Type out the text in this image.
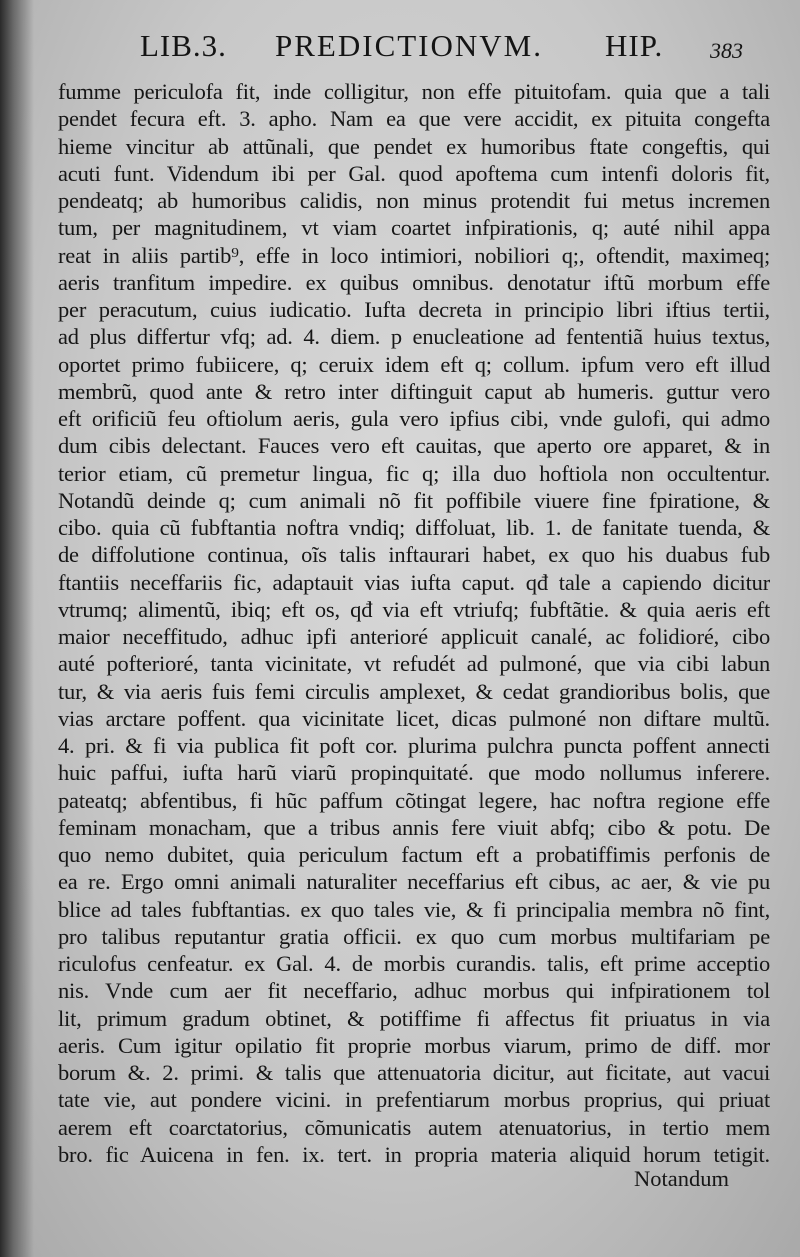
LIB.3. PREDICTIONVM. HIP. 383
fumme periculofa fit, inde colligitur, non effe pituitofam. quia que a tali
pendet fecura eft. 3. apho. Nam ea que vere accidit, ex pituita congefta
hieme vincitur ab attũnali, que pendet ex humoribus ftate congeftis, qui
acuti funt. Videndum ibi per Gal. quod apoftema cum intenfi doloris fit,
pendeatq; ab humoribus calidis, non minus protendit fui metus incremen
tum, per magnitudinem, vt viam coartet infpirationis, q; auté nihil appa
reat in aliis partib⁹, effe in loco intimiori, nobiliori q;, oftendit, maximeq;
aeris tranfitum impedire. ex quibus omnibus. denotatur iftũ morbum effe
per peracutum, cuius iudicatio. Iufta decreta in principio libri iftius tertii,
ad plus differtur vfq; ad. 4. diem. p enucleatione ad fententiã huius textus,
oportet primo fubiicere, q; ceruix idem eft q; collum. ipfum vero eft illud
membrũ, quod ante & retro inter diftinguit caput ab humeris. guttur vero
eft orificiũ feu oftiolum aeris, gula vero ipfius cibi, vnde gulofi, qui admo
dum cibis delectant. Fauces vero eft cauitas, que aperto ore apparet, & in
terior etiam, cũ premetur lingua, fic q; illa duo hoftiola non occultentur.
Notandũ deinde q; cum animali nõ fit poffibile viuere fine fpiratione, &
cibo. quia cũ fubftantia noftra vndiq; diffoluat, lib. 1. de fanitate tuenda, &
de diffolutione continua, oĩs talis inftaurari habet, ex quo his duabus fub
ftantiis neceffariis fic, adaptauit vias iufta caput. qđ tale a capiendo dicitur
vtrumq; alimentũ, ibiq; eft os, qđ via eft vtriufq; fubftãtie. & quia aeris eft
maior neceffitudo, adhuc ipfi anterioré applicuit canalé, ac folidioré, cibo
auté pofterioré, tanta vicinitate, vt refudét ad pulmoné, que via cibi labun
tur, & via aeris fuis femi circulis amplexet, & cedat grandioribus bolis, que
vias arctare poffent. qua vicinitate licet, dicas pulmoné non diftare multũ.
4. pri. & fi via publica fit poft cor. plurima pulchra puncta poffent annecti
huic paffui, iufta harũ viarũ propinquitaté. que modo nollumus inferere.
pateatq; abfentibus, fi hũc paffum cõtingat legere, hac noftra regione effe
feminam monacham, que a tribus annis fere viuit abfq; cibo & potu. De
quo nemo dubitet, quia periculum factum eft a probatiffimis perfonis de
ea re. Ergo omni animali naturaliter neceffarius eft cibus, ac aer, & vie pu
blice ad tales fubftantias. ex quo tales vie, & fi principalia membra nõ fint,
pro talibus reputantur gratia officii. ex quo cum morbus multifariam pe
riculofus cenfeatur. ex Gal. 4. de morbis curandis. talis, eft prime acceptio
nis. Vnde cum aer fit neceffario, adhuc morbus qui infpirationem tol
lit, primum gradum obtinet, & potiffime fi affectus fit priuatus in via
aeris. Cum igitur opilatio fit proprie morbus viarum, primo de diff. mor
borum &. 2. primi. & talis que attenuatoria dicitur, aut ficitate, aut vacui
tate vie, aut pondere vicini. in prefentiarum morbus proprius, qui priuat
aerem eft coarctatorius, cõmunicatis autem atenuatorius, in tertio mem
bro. fic Auicena in fen. ix. tert. in propria materia aliquid horum tetigit.
Notandum
